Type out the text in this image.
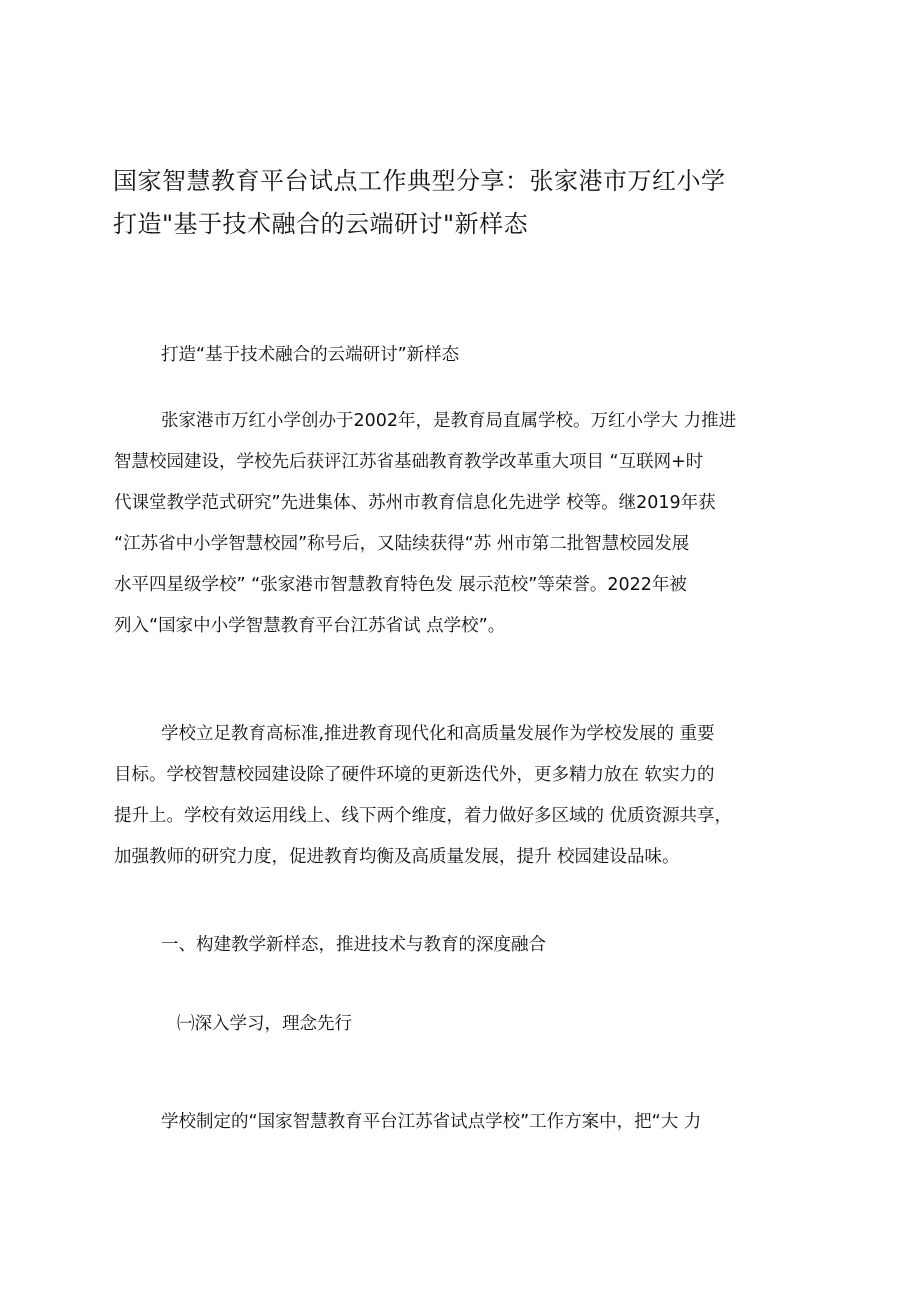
国家智慧教育平台试点工作典型分享：张家港市万红小学
打造"基于技术融合的云端研讨"新样态
打造“基于技术融合的云端研讨”新样态

张家港市万红小学创办于2002年，是教育局直属学校。万红小学大 力推进
智慧校园建设，学校先后获评江苏省基础教育教学改革重大项目 “互联网+时
代课堂教学范式研究”先进集体、苏州市教育信息化先进学 校等。继2019年获
“江苏省中小学智慧校园”称号后，又陆续获得“苏 州市第二批智慧校园发展
水平四星级学校” “张家港市智慧教育特色发 展示范校”等荣誉。2022年被
列入“国家中小学智慧教育平台江苏省试 点学校”。

学校立足教育高标准,推进教育现代化和高质量发展作为学校发展的 重要
目标。学校智慧校园建设除了硬件环境的更新迭代外，更多精力放在 软实力的
提升上。学校有效运用线上、线下两个维度，着力做好多区域的 优质资源共享，
加强教师的研究力度，促进教育均衡及高质量发展，提升 校园建设品味。

一、构建教学新样态，推进技术与教育的深度融合
㈠深入学习，理念先行

学校制定的“国家智慧教育平台江苏省试点学校”工作方案中，把“大 力
